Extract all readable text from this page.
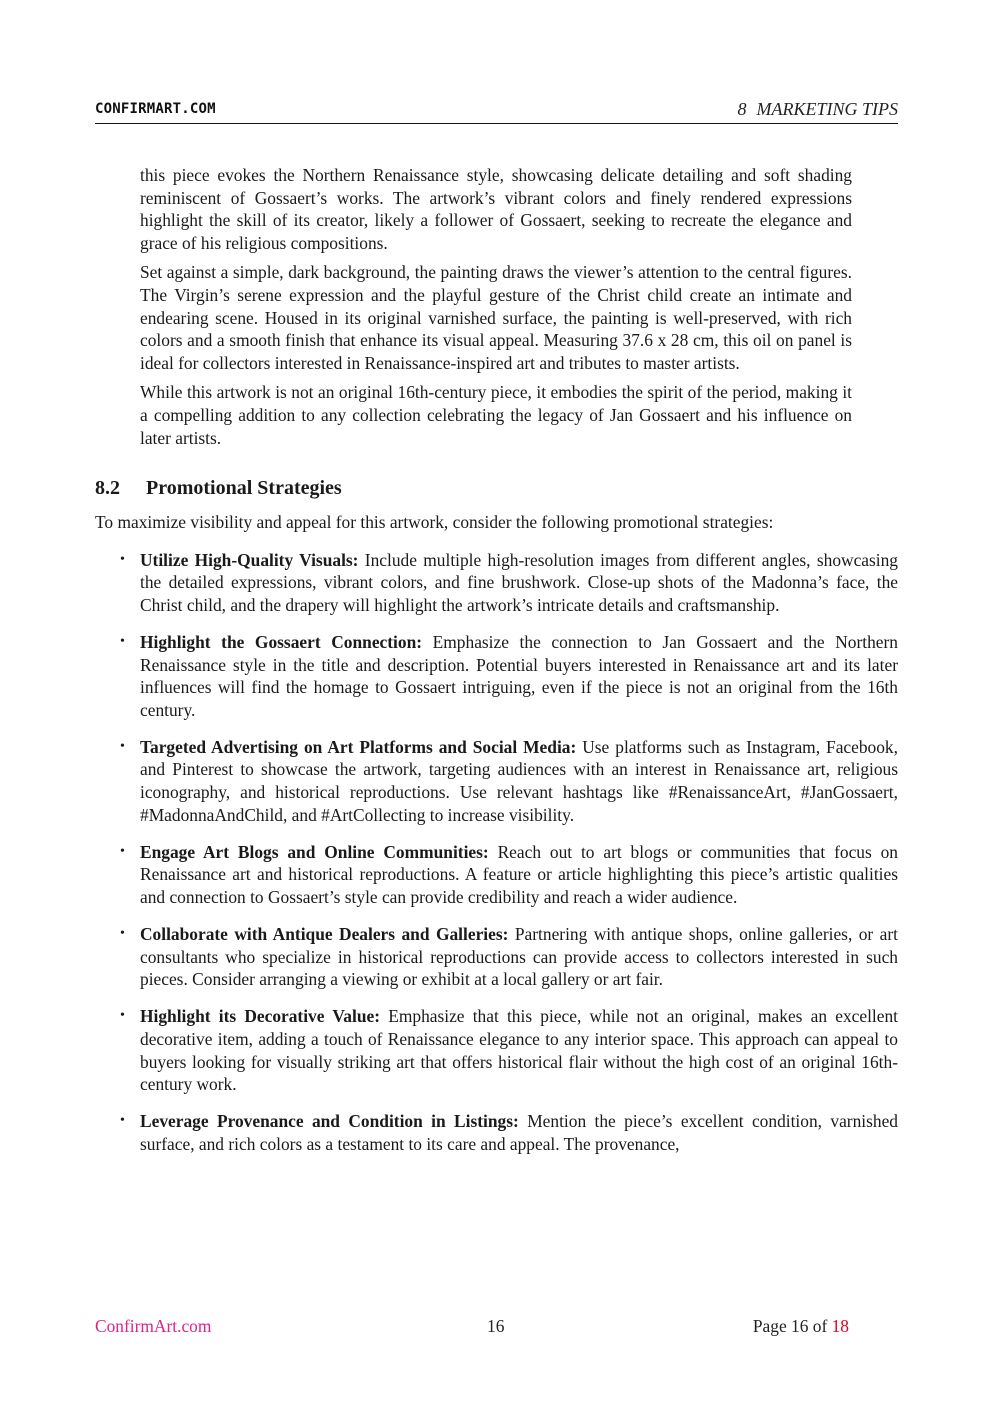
CONFIRMART.COM	8 MARKETING TIPS

this piece evokes the Northern Renaissance style, showcasing delicate detailing and soft shading reminiscent of Gossaert’s works. The artwork’s vibrant colors and finely rendered expressions highlight the skill of its creator, likely a follower of Gossaert, seeking to recreate the elegance and grace of his religious compositions.

Set against a simple, dark background, the painting draws the viewer’s attention to the central figures. The Virgin’s serene expression and the playful gesture of the Christ child create an intimate and endearing scene. Housed in its original varnished surface, the painting is well-preserved, with rich colors and a smooth finish that enhance its visual appeal. Measuring 37.6 x 28 cm, this oil on panel is ideal for collectors interested in Renaissance-inspired art and tributes to master artists.

While this artwork is not an original 16th-century piece, it embodies the spirit of the period, making it a compelling addition to any collection celebrating the legacy of Jan Gossaert and his influence on later artists.

8.2 Promotional Strategies

To maximize visibility and appeal for this artwork, consider the following promotional strategies:

• Utilize High-Quality Visuals: Include multiple high-resolution images from different angles, showcasing the detailed expressions, vibrant colors, and fine brushwork. Close-up shots of the Madonna’s face, the Christ child, and the drapery will highlight the artwork’s intricate details and craftsmanship.
• Highlight the Gossaert Connection: Emphasize the connection to Jan Gossaert and the Northern Renaissance style in the title and description. Potential buyers interested in Renaissance art and its later influences will find the homage to Gossaert intriguing, even if the piece is not an original from the 16th century.
• Targeted Advertising on Art Platforms and Social Media: Use platforms such as Instagram, Facebook, and Pinterest to showcase the artwork, targeting audiences with an interest in Renaissance art, religious iconography, and historical reproductions. Use relevant hashtags like #RenaissanceArt, #JanGossaert, #MadonnaAndChild, and #ArtCollecting to increase visibility.
• Engage Art Blogs and Online Communities: Reach out to art blogs or communities that focus on Renaissance art and historical reproductions. A feature or article highlighting this piece’s artistic qualities and connection to Gossaert’s style can provide credibility and reach a wider audience.
• Collaborate with Antique Dealers and Galleries: Partnering with antique shops, online galleries, or art consultants who specialize in historical reproductions can provide access to collectors interested in such pieces. Consider arranging a viewing or exhibit at a local gallery or art fair.
• Highlight its Decorative Value: Emphasize that this piece, while not an original, makes an excellent decorative item, adding a touch of Renaissance elegance to any interior space. This approach can appeal to buyers looking for visually striking art that offers historical flair without the high cost of an original 16th-century work.
• Leverage Provenance and Condition in Listings: Mention the piece’s excellent condition, varnished surface, and rich colors as a testament to its care and appeal. The provenance,
ConfirmArt.com	16	Page 16 of 18
